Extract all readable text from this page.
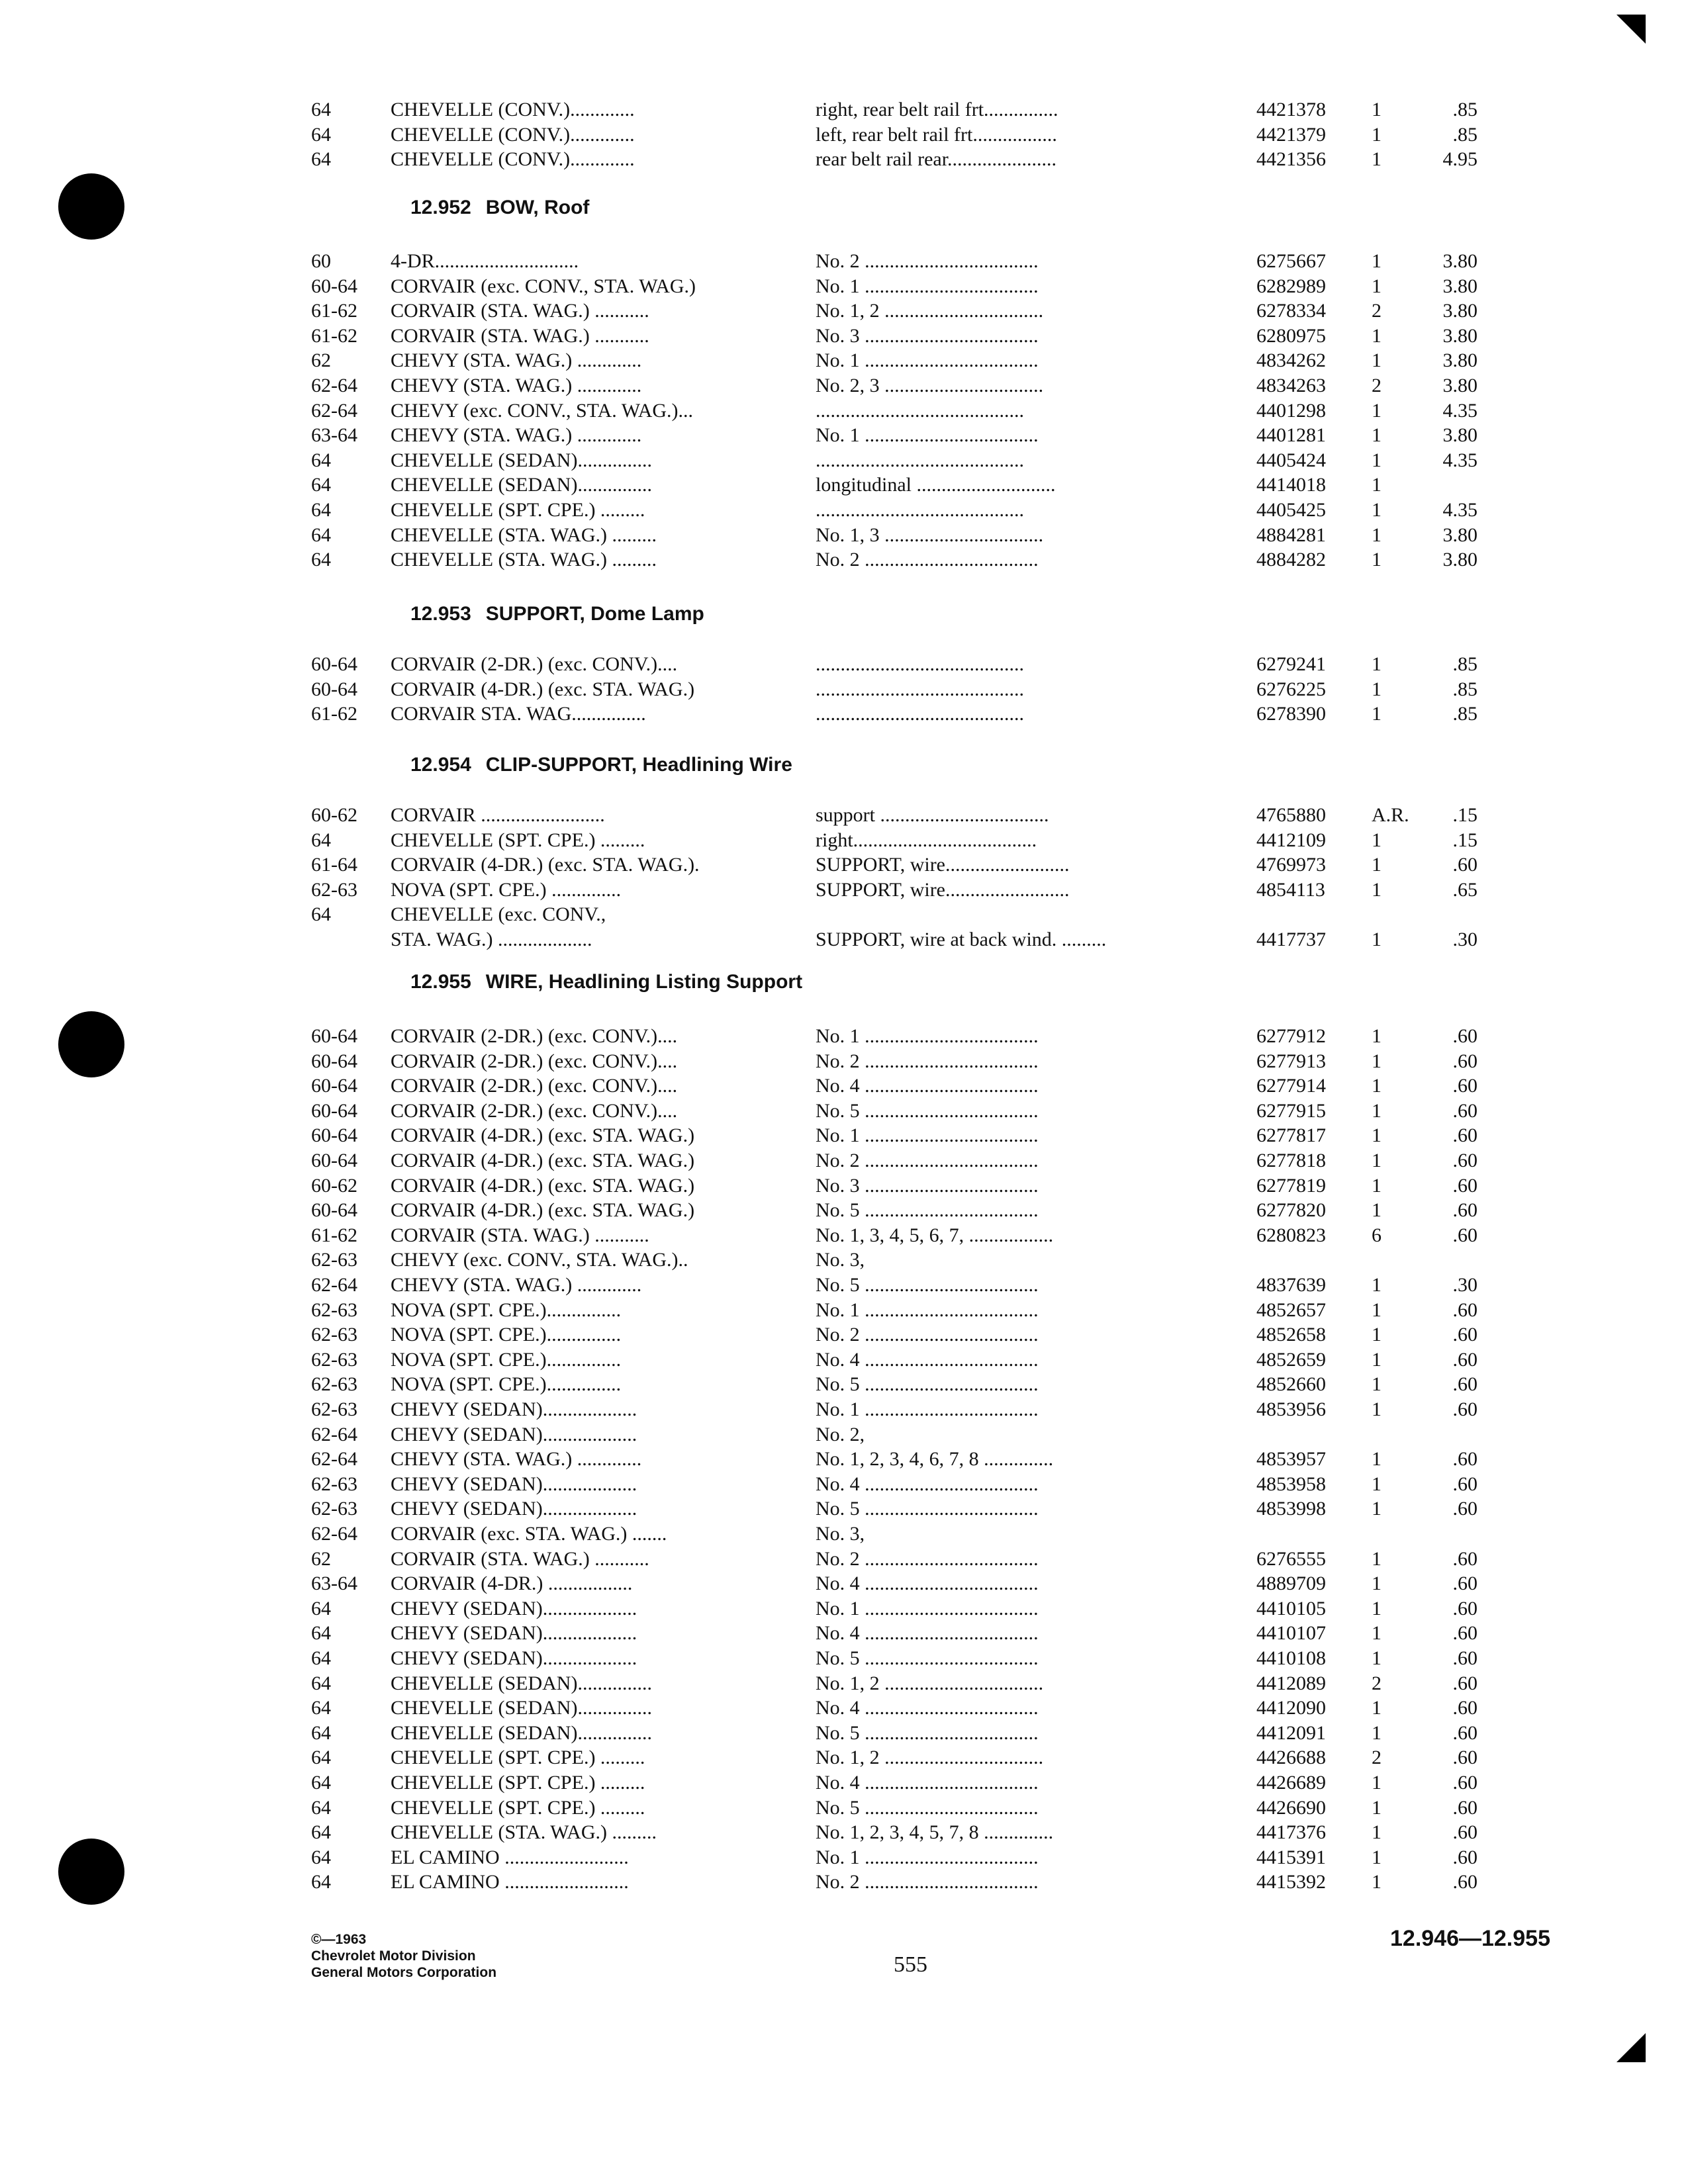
64	CHEVELLE (CONV.).............	right, rear belt rail frt...............	4421378 1	.85
64	CHEVELLE (CONV.).............	left, rear belt rail frt.................	4421379 1	.85
64	CHEVELLE (CONV.).............	rear belt rail rear......................	4421356 1	4.95
12.952 BOW, Roof
60	4-DR.............................	No. 2 ...................................	6275667 1	3.80
60-64 CORVAIR (exc. CONV., STA. WAG.)	No. 1 ...................................	6282989 1	3.80
61-62 CORVAIR (STA. WAG.) ...........	No. 1, 2 ................................	6278334 2	3.80
61-62 CORVAIR (STA. WAG.) ...........	No. 3 ...................................	6280975 1	3.80
62	CHEVY (STA. WAG.) .............	No. 1 ...................................	4834262 1	3.80
62-64 CHEVY (STA. WAG.) .............	No. 2, 3 ................................	4834263 2	3.80
62-64 CHEVY (exc. CONV., STA. WAG.)...	..........................................	4401298 1	4.35
63-64 CHEVY (STA. WAG.) .............	No. 1 ...................................	4401281 1	3.80
64	CHEVELLE (SEDAN)...............	..........................................	4405424 1	4.35
64	CHEVELLE (SEDAN)...............	longitudinal ............................	4414018 1
64	CHEVELLE (SPT. CPE.) .........	..........................................	4405425 1	4.35
64	CHEVELLE (STA. WAG.) .........	No. 1, 3 ................................	4884281 1	3.80
64	CHEVELLE (STA. WAG.) .........	No. 2 ...................................	4884282 1	3.80
12.953 SUPPORT, Dome Lamp
60-64 CORVAIR (2-DR.) (exc. CONV.)....	..........................................	6279241 1	.85
60-64 CORVAIR (4-DR.) (exc. STA. WAG.)	..........................................	6276225 1	.85
61-62 CORVAIR STA. WAG...............	..........................................	6278390 1	.85
12.954 CLIP-SUPPORT, Headlining Wire
60-62 CORVAIR .........................	support ..................................	4765880 A.R.	.15
64	CHEVELLE (SPT. CPE.) .........	right.....................................	4412109 1	.15
61-64 CORVAIR (4-DR.) (exc. STA. WAG.).	SUPPORT, wire.........................	4769973 1	.60
62-63 NOVA (SPT. CPE.) ..............	SUPPORT, wire.........................	4854113 1	.65
64	CHEVELLE (exc. CONV.,
STA. WAG.) ...................	SUPPORT, wire at back wind. .........	4417737 1	.30
12.955 WIRE, Headlining Listing Support
60-64 CORVAIR (2-DR.) (exc. CONV.)....	No. 1 ...................................	6277912 1	.60
60-64 CORVAIR (2-DR.) (exc. CONV.)....	No. 2 ...................................	6277913 1	.60
60-64 CORVAIR (2-DR.) (exc. CONV.)....	No. 4 ...................................	6277914 1	.60
60-64 CORVAIR (2-DR.) (exc. CONV.)....	No. 5 ...................................	6277915 1	.60
60-64 CORVAIR (4-DR.) (exc. STA. WAG.)	No. 1 ...................................	6277817 1	.60
60-64 CORVAIR (4-DR.) (exc. STA. WAG.)	No. 2 ...................................	6277818 1	.60
60-62 CORVAIR (4-DR.) (exc. STA. WAG.)	No. 3 ...................................	6277819 1	.60
60-64 CORVAIR (4-DR.) (exc. STA. WAG.)	No. 5 ...................................	6277820 1	.60
61-62 CORVAIR (STA. WAG.) ...........	No. 1, 3, 4, 5, 6, 7, .................	6280823 6	.60
62-63 CHEVY (exc. CONV., STA. WAG.)..	No. 3,
62-64 CHEVY (STA. WAG.) .............	No. 5 ...................................	4837639 1	.30
62-63 NOVA (SPT. CPE.)...............	No. 1 ...................................	4852657 1	.60
62-63 NOVA (SPT. CPE.)...............	No. 2 ...................................	4852658 1	.60
62-63 NOVA (SPT. CPE.)...............	No. 4 ...................................	4852659 1	.60
62-63 NOVA (SPT. CPE.)...............	No. 5 ...................................	4852660 1	.60
62-63 CHEVY (SEDAN)...................	No. 1 ...................................	4853956 1	.60
62-64 CHEVY (SEDAN)...................	No. 2,
62-64 CHEVY (STA. WAG.) .............	No. 1, 2, 3, 4, 6, 7, 8 ..............	4853957 1	.60
62-63 CHEVY (SEDAN)...................	No. 4 ...................................	4853958 1	.60
62-63 CHEVY (SEDAN)...................	No. 5 ...................................	4853998 1	.60
62-64 CORVAIR (exc. STA. WAG.) .......	No. 3,
62	CORVAIR (STA. WAG.) ...........	No. 2 ...................................	6276555 1	.60
63-64 CORVAIR (4-DR.) .................	No. 4 ...................................	4889709 1	.60
64	CHEVY (SEDAN)...................	No. 1 ...................................	4410105 1	.60
64	CHEVY (SEDAN)...................	No. 4 ...................................	4410107 1	.60
64	CHEVY (SEDAN)...................	No. 5 ...................................	4410108 1	.60
64	CHEVELLE (SEDAN)...............	No. 1, 2 ................................	4412089 2	.60
64	CHEVELLE (SEDAN)...............	No. 4 ...................................	4412090 1	.60
64	CHEVELLE (SEDAN)...............	No. 5 ...................................	4412091 1	.60
64	CHEVELLE (SPT. CPE.) .........	No. 1, 2 ................................	4426688 2	.60
64	CHEVELLE (SPT. CPE.) .........	No. 4 ...................................	4426689 1	.60
64	CHEVELLE (SPT. CPE.) .........	No. 5 ...................................	4426690 1	.60
64	CHEVELLE (STA. WAG.) .........	No. 1, 2, 3, 4, 5, 7, 8 ..............	4417376 1	.60
64	EL CAMINO .........................	No. 1 ...................................	4415391 1	.60
64	EL CAMINO .........................	No. 2 ...................................	4415392 1	.60
©—1963
Chevrolet Motor Division
General Motors Corporation	555
12.946—12.955
